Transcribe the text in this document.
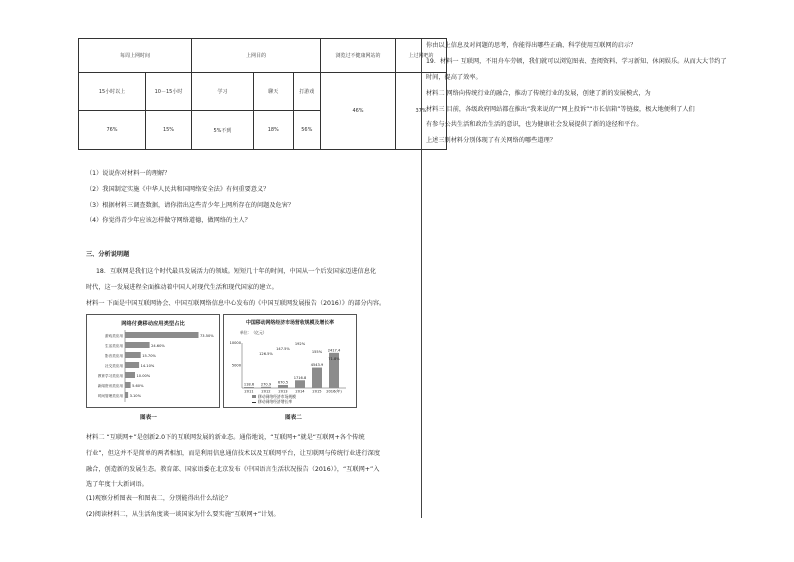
每周上网时间		上网目的			浏览过不健康网站的	上过网吧的
15小时以上	10－15小时	学习	聊天	打游戏	46%	37%
76%	15%	5%不到	18%	56%		
（1）说说你对材料一的理解？
（2）我国制定实施《中华人民共和国网络安全法》有何重要意义？
（3）根据材料三调查数据，请你指出这些青少年上网所存在的问题及危害？
（4）你觉得青少年应该怎样做守网络道德，做网络的主人？
三、分析说明题
18．互联网是我们这个时代最具发展活力的领域。短短几十年的时间，中国从一个后发国家迈进信息化
时代，这一发展进程全面推动着中国人对现代生活和现代国家的建立。
材料一 下面是中国互联网协会、中国互联网络信息中心发布的《中国互联网发展报告（2016）》的部分内容。
网络付费移动应用类型占比
游戏类应用	73.50%
生活类应用	24.60%
影音类应用	15.70%
社交类应用	14.10%
教育学习类应用	10.00%
新闻资讯类应用	5.60%
时间管理类应用 3.10%
图表一
中国移动网络经济市场营收规模及增长率
单位：（亿元）
10000
5000
2011
118.6
2012
270.9
2013
670.5
2014
1716.8
2015
4543.9
2016(年)
2417.4
126.5%
147.5%
192%
155%
71.8%
移动网络经济市场规模
移动网络经济增长率
图表二
材料二 “互联网+”是创新2.0下的互联网发展的新业态。通俗地说，“互联网+”就是“互联网+各个传统
行业”，但这并不是简单的两者相加，而是利用信息通信技术以及互联网平台，让互联网与传统行业进行深度
融合，创造新的发展生态。教育部、国家语委在北京发布《中国语言生活状况报告（2016）》，“互联网+”入
选了年度十大新词语。
(1)观察分析图表一和图表二，分别能得出什么结论？
(2)阅读材料二，从生活角度谈一谈国家为什么要实施“互联网+”计划。
你由以上信息及对问题的思考，你能得出哪些正确、科学使用互联网的启示？
19．材料一 互联网，不用舟车劳顿，我们就可以浏览图表、查阅资料、学习新知、休闲娱乐。从而大大节约了
时间，提高了效率。
材料二 网络向传统行业的融合，推动了传统行业的发展，创建了新的发展模式，为
材料三 目前，各级政府网站都在推出“我来说的”“网上投诉”“市长信箱”等链接，极大地便利了人们
有参与公共生活和政治生活的意识，也为健康社会发展提供了新的途径和平台。
上述三则材料分别体现了有关网络的哪些道理？
